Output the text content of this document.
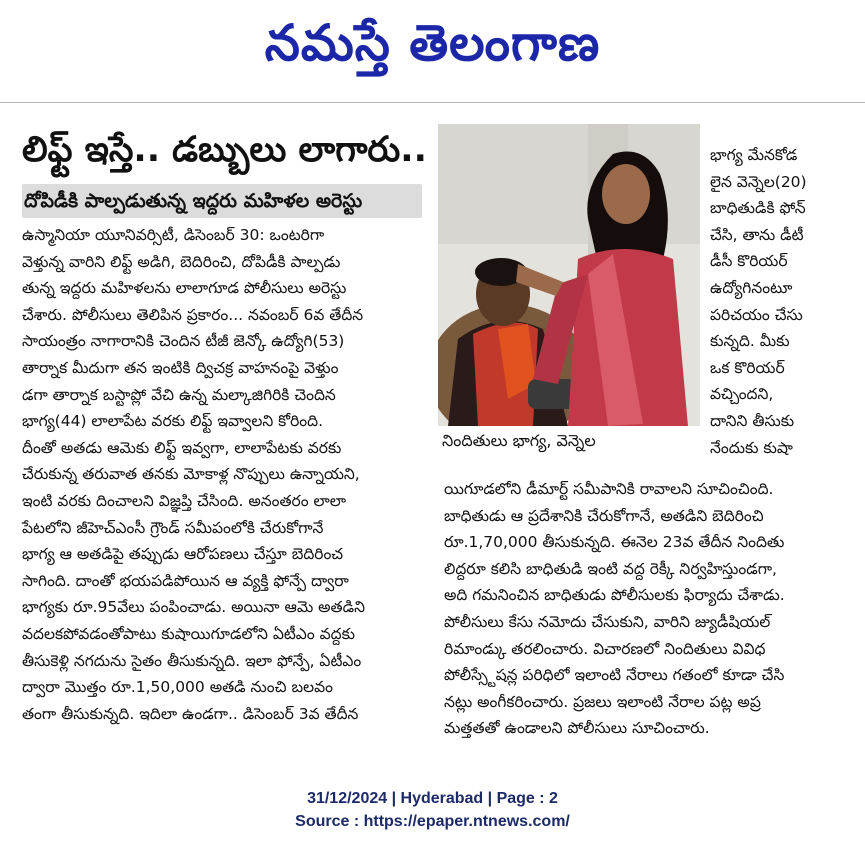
నమస్తే తెలంగాణ
లిఫ్ట్ ఇస్తే.. డబ్బులు లాగారు..
దోపిడీకి పాల్పడుతున్న ఇద్దరు మహిళల అరెస్టు
ఉస్మానియా యూనివర్సిటీ, డిసెంబర్ 30: ఒంటరిగా
వెళ్తున్న వారిని లిఫ్ట్ అడిగి, బెదిరించి, దోపిడీకి పాల్పడు
తున్న ఇద్దరు మహిళలను లాలాగూడ పోలీసులు అరెస్టు
చేశారు. పోలీసులు తెలిపిన ప్రకారం... నవంబర్ 6వ తేదీన
సాయంత్రం నాగారానికి చెందిన టీజీ జెన్కో ఉద్యోగి(53)
తార్నాక మీదుగా తన ఇంటికి ద్విచక్ర వాహనంపై వెళ్తుం
డగా తార్నాక బస్టాప్లో వేచి ఉన్న మల్కాజిగిరికి చెందిన
భాగ్య(44) లాలాపేట వరకు లిఫ్ట్ ఇవ్వాలని కోరింది.
దీంతో అతడు ఆమెకు లిఫ్ట్ ఇవ్వగా, లాలాపేటకు వరకు
చేరుకున్న తరువాత తనకు మోకాళ్ల నొప్పులు ఉన్నాయని,
ఇంటి వరకు దించాలని విజ్ఞప్తి చేసింది. అనంతరం లాలా
పేటలోని జీహెచ్ఎంసీ గ్రౌండ్ సమీపంలోకి చేరుకోగానే
భాగ్య ఆ అతడిపై తప్పుడు ఆరోపణలు చేస్తూ బెదిరించ
సాగింది. దాంతో భయపడిపోయిన ఆ వ్యక్తి ఫోన్పే ద్వారా
భాగ్యకు రూ.95వేలు పంపించాడు. అయినా ఆమె అతడిని
వదలకపోవడంతోపాటు కుషాయిగూడలోని ఏటీఎం వద్దకు
తీసుకెళ్లి నగదును సైతం తీసుకున్నది. ఇలా ఫోన్పే, ఏటీఎం
ద్వారా మొత్తం రూ.1,50,000 అతడి నుంచి బలవం
తంగా తీసుకున్నది. ఇదిలా ఉండగా.. డిసెంబర్ 3వ తేదీన
భాగ్య మేనకోడ
లైన వెన్నెల(20)
బాధితుడికి ఫోన్
చేసి, తాను డీటీ
డీసీ కొరియర్
ఉద్యోగినంటూ
పరిచయం చేసు
కున్నది. మీకు
ఒక కొరియర్
వచ్చిందని,
దానిని తీసుకు
నేందుకు కుషా
యిగూడలోని డీమార్ట్ సమీపానికి రావాలని సూచించింది.
బాధితుడు ఆ ప్రదేశానికి చేరుకోగానే, అతడిని బెదిరించి
రూ.1,70,000 తీసుకున్నది. ఈనెల 23వ తేదీన నిందితు
లిద్దరూ కలిసి బాధితుడి ఇంటి వద్ద రెక్కీ నిర్వహిస్తుండగా,
అది గమనించిన బాధితుడు పోలీసులకు ఫిర్యాదు చేశాడు.
పోలీసులు కేసు నమోదు చేసుకుని, వారిని జ్యుడీషియల్
రిమాండ్కు తరలించారు. విచారణలో నిందితులు వివిధ
పోలీస్స్టేషన్ల పరిధిలో ఇలాంటి నేరాలు గతంలో కూడా చేసి
నట్లు అంగీకరించారు. ప్రజలు ఇలాంటి నేరాల పట్ల అప్ర
మత్తతతో ఉండాలని పోలీసులు సూచించారు.
నిందితులు భాగ్య, వెన్నెల
31/12/2024 | Hyderabad | Page : 2
Source : https://epaper.ntnews.com/
